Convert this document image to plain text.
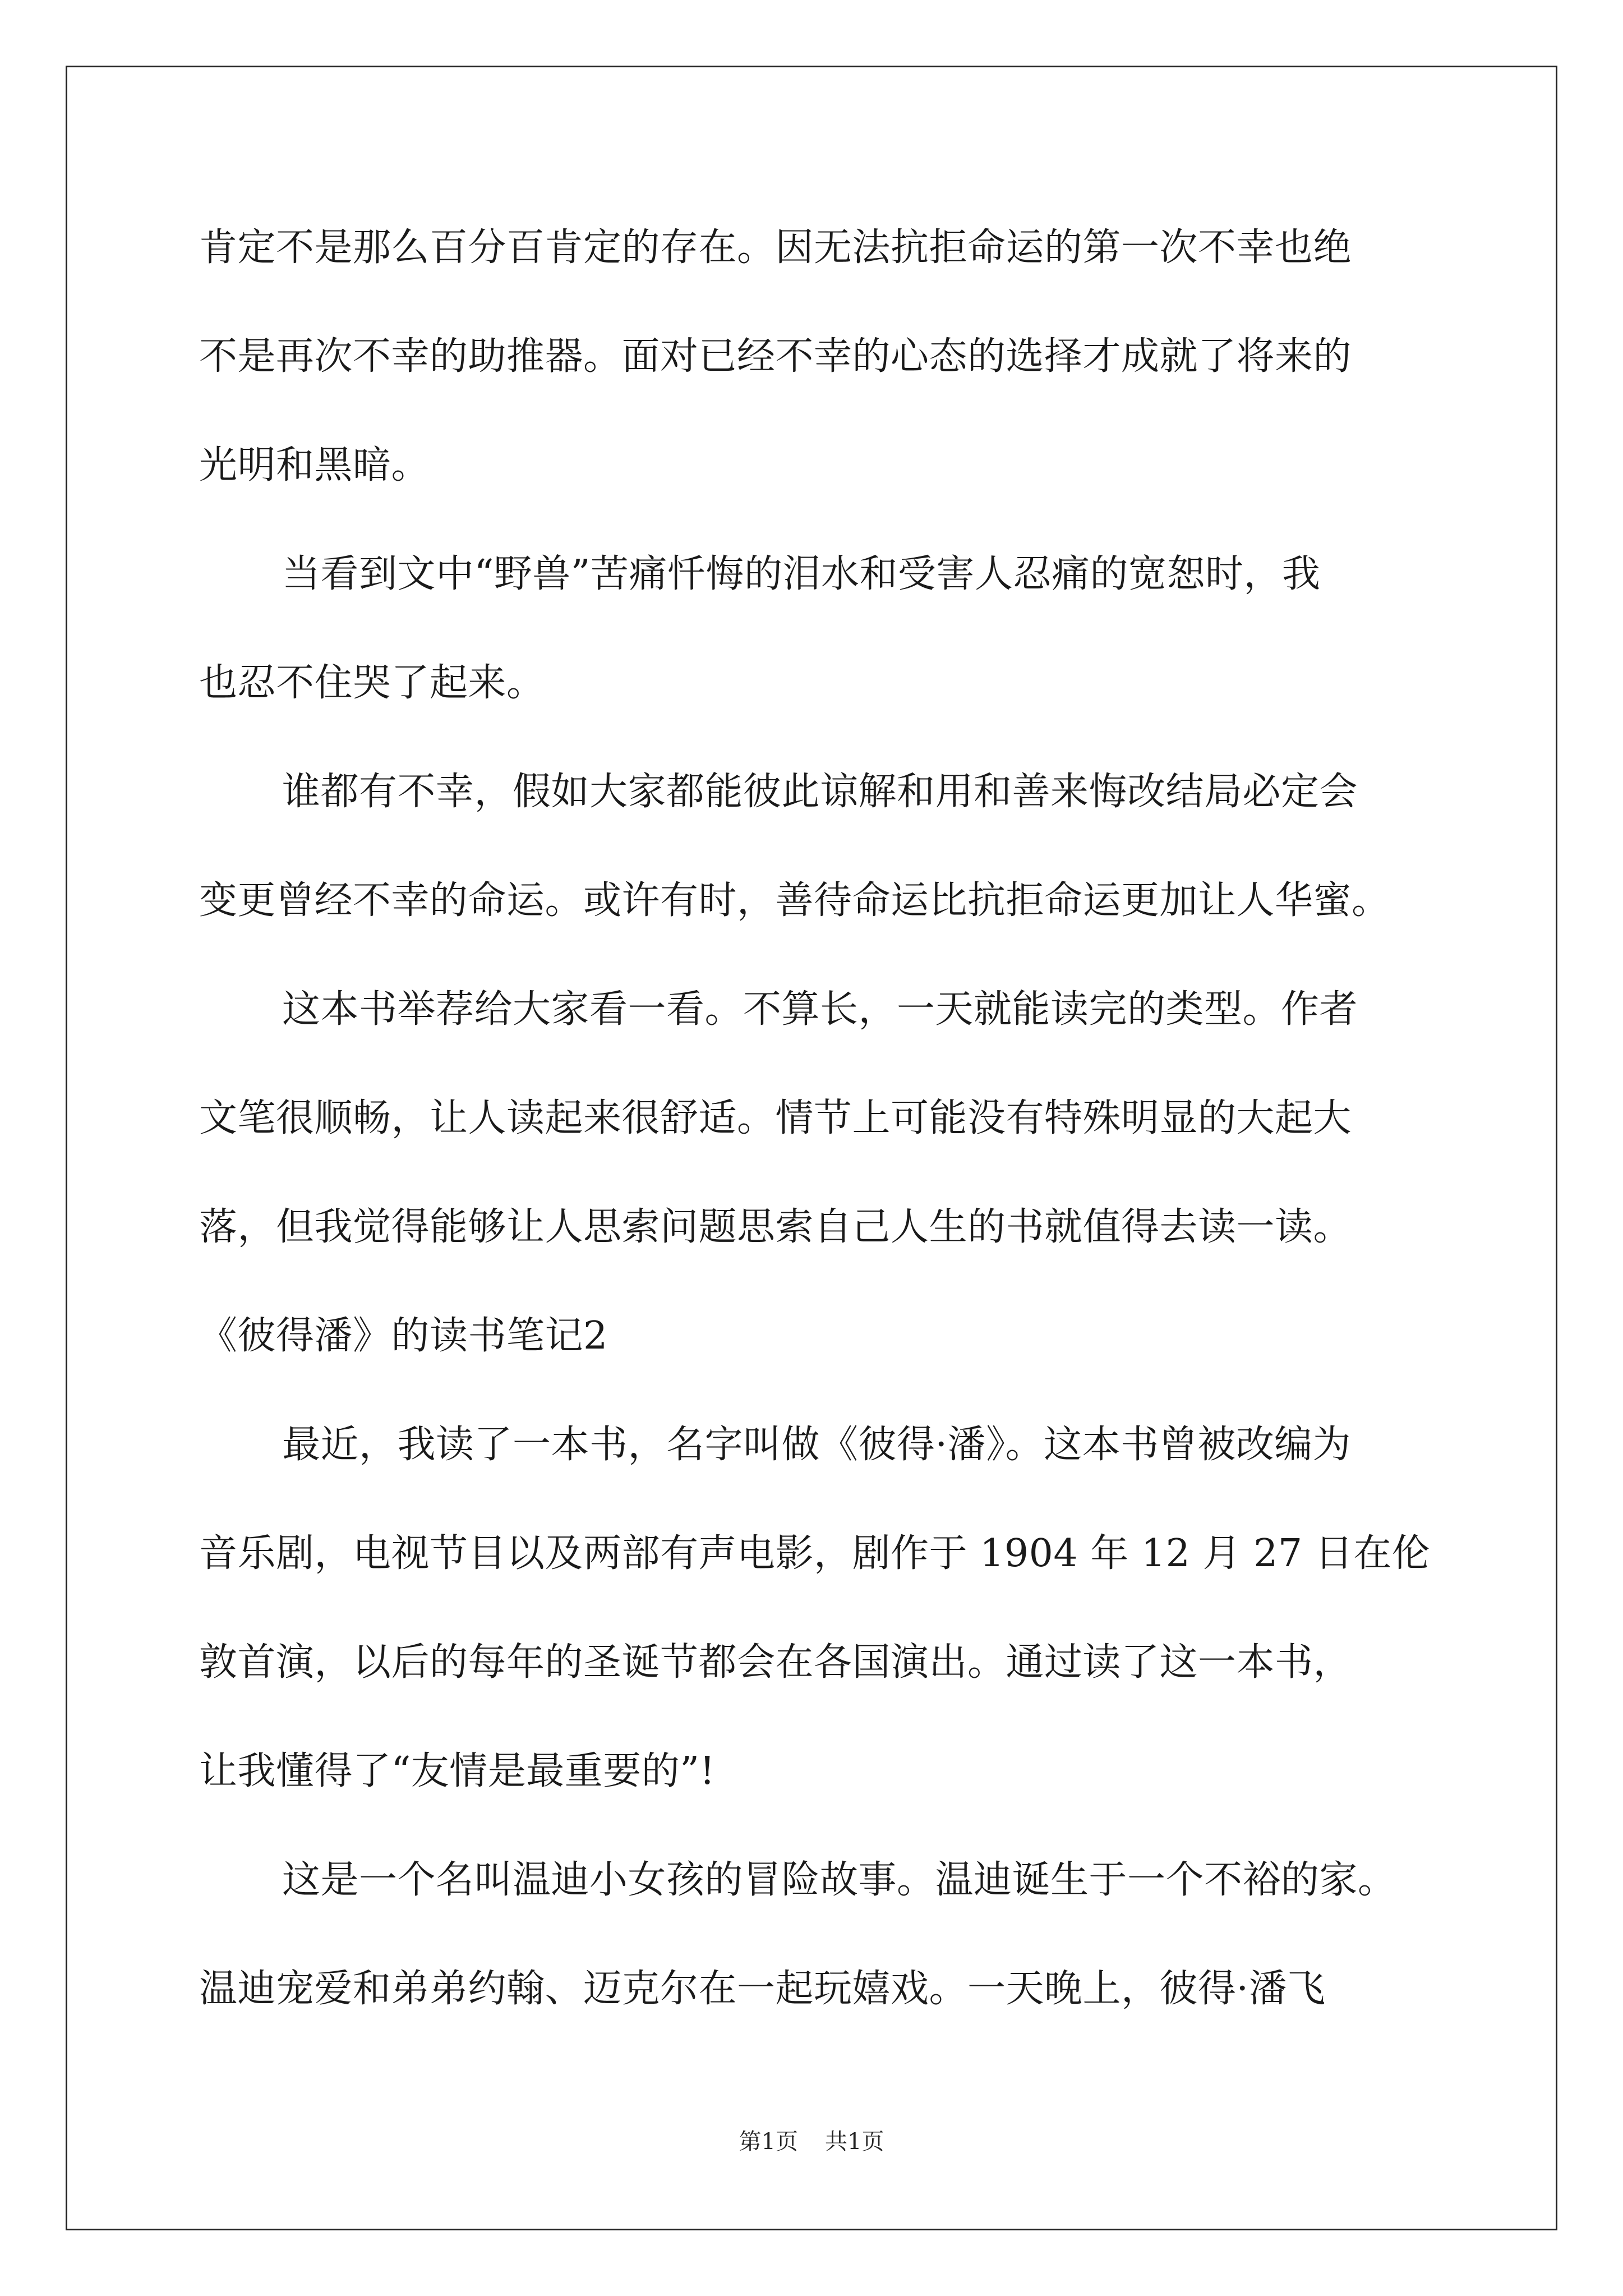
肯定不是那么百分百肯定的存在。因无法抗拒命运的第一次不幸也绝
不是再次不幸的助推器。面对已经不幸的心态的选择才成就了将来的
光明和黑暗。
当看到文中“野兽”苦痛忏悔的泪水和受害人忍痛的宽恕时，我
也忍不住哭了起来。
谁都有不幸，假如大家都能彼此谅解和用和善来悔改结局必定会
变更曾经不幸的命运。或许有时，善待命运比抗拒命运更加让人华蜜。
这本书举荐给大家看一看。不算长，一天就能读完的类型。作者
文笔很顺畅，让人读起来很舒适。情节上可能没有特殊明显的大起大
落，但我觉得能够让人思索问题思索自己人生的书就值得去读一读。
《彼得潘》的读书笔记2
最近，我读了一本书，名字叫做《彼得·潘》。这本书曾被改编为
音乐剧，电视节目以及两部有声电影，剧作于 1904 年 12 月 27 日在伦
敦首演，以后的每年的圣诞节都会在各国演出。通过读了这一本书，
让我懂得了“友情是最重要的”!
这是一个名叫温迪小女孩的冒险故事。温迪诞生于一个不裕的家。
温迪宠爱和弟弟约翰、迈克尔在一起玩嬉戏。一天晚上，彼得·潘飞
第1页 共1页
